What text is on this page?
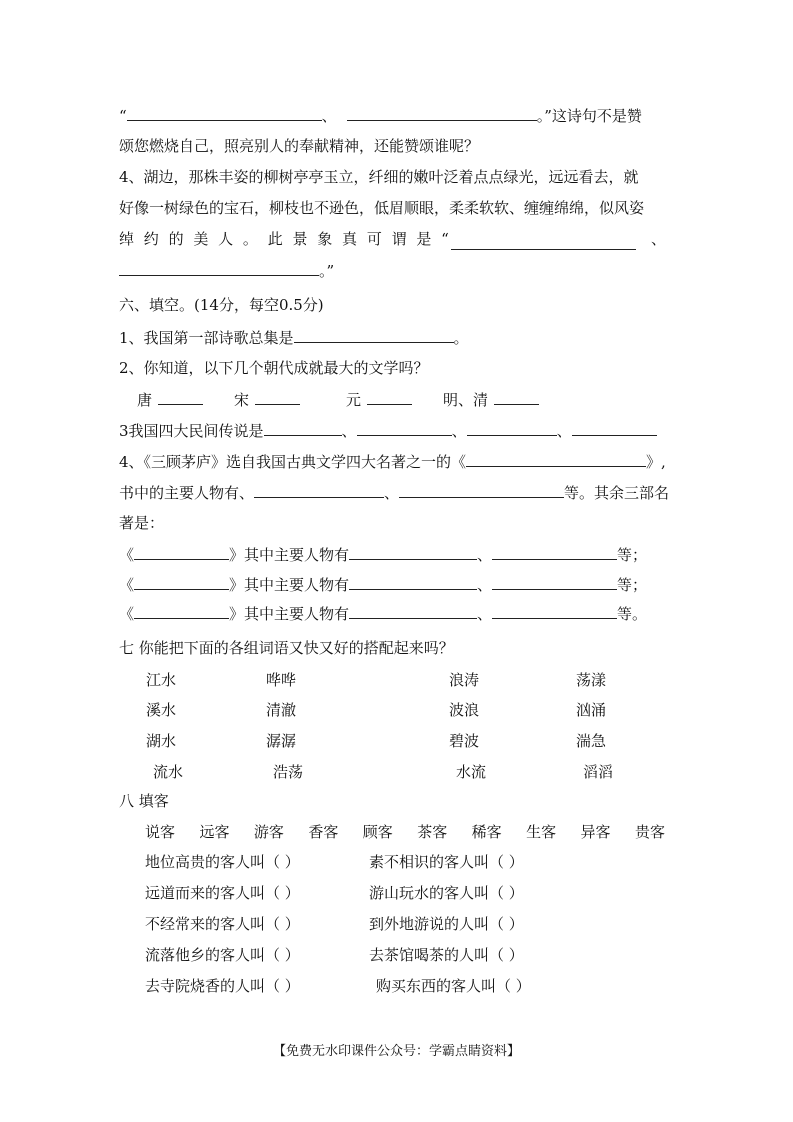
“	、	。”这诗句不是赞
颂您燃烧自己，照亮别人的奉献精神，还能赞颂谁呢？
4、湖边，那株丰姿的柳树亭亭玉立，纤细的嫩叶泛着点点绿光，远远看去，就
好像一树绿色的宝石，柳枝也不逊色，低眉顺眼，柔柔软软、缠缠绵绵，似风姿
绰 约 的 美 人 。 此 景 象 真 可 谓 是 “	、
。”
六、填空。(14分，每空0.5分)
1、我国第一部诗歌总集是	。
2、你知道，以下几个朝代成就最大的文学吗？
唐	宋	元	明、清
3我国四大民间传说是	、	、	、
4、《三顾茅庐》选自我国古典文学四大名著之一的《	》,
书中的主要人物有、	、	等。其余三部名
著是：
《	》其中主要人物有	、	等；
《	》其中主要人物有	、	等；
《	》其中主要人物有	、	等。
七 你能把下面的各组词语又快又好的搭配起来吗？
江水	哗哗	浪涛	荡漾
溪水	清澈	波浪	汹涌
湖水	潺潺	碧波	湍急
流水	浩荡	水流	滔滔
八 填客
说客 远客 游客 香客 顾客 茶客 稀客 生客 异客 贵客
地位高贵的客人叫（ ）	素不相识的客人叫（ ）
远道而来的客人叫（ ）	游山玩水的客人叫（ ）
不经常来的客人叫（ ）	到外地游说的人叫（ ）
流落他乡的客人叫（ ）	去茶馆喝茶的人叫（ ）
去寺院烧香的人叫（ ）	购买东西的客人叫（ ）
【免费无水印课件公众号：学霸点睛资料】
